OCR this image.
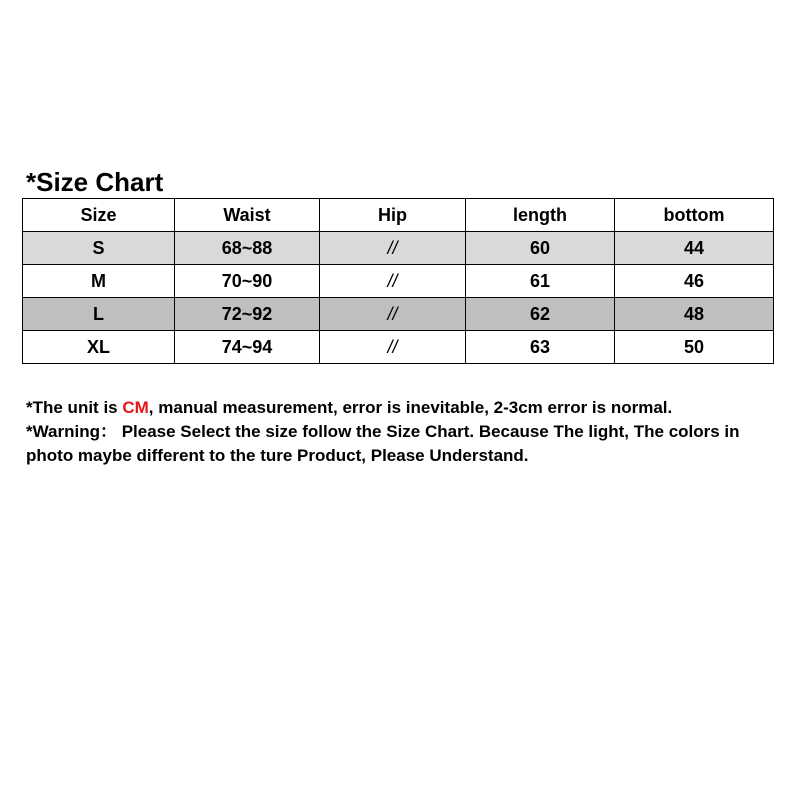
*Size Chart
Size	Waist	Hip	length	bottom
S	68~88	//	60	44
M	70~90	//	61	46
L	72~92	//	62	48
XL	74~94	//	63	50

*The unit is CM, manual measurement, error is inevitable, 2-3cm error is normal.

*Warning： Please Select the size follow the Size Chart. Because The light, The colors in photo maybe different to the ture Product, Please Understand.
